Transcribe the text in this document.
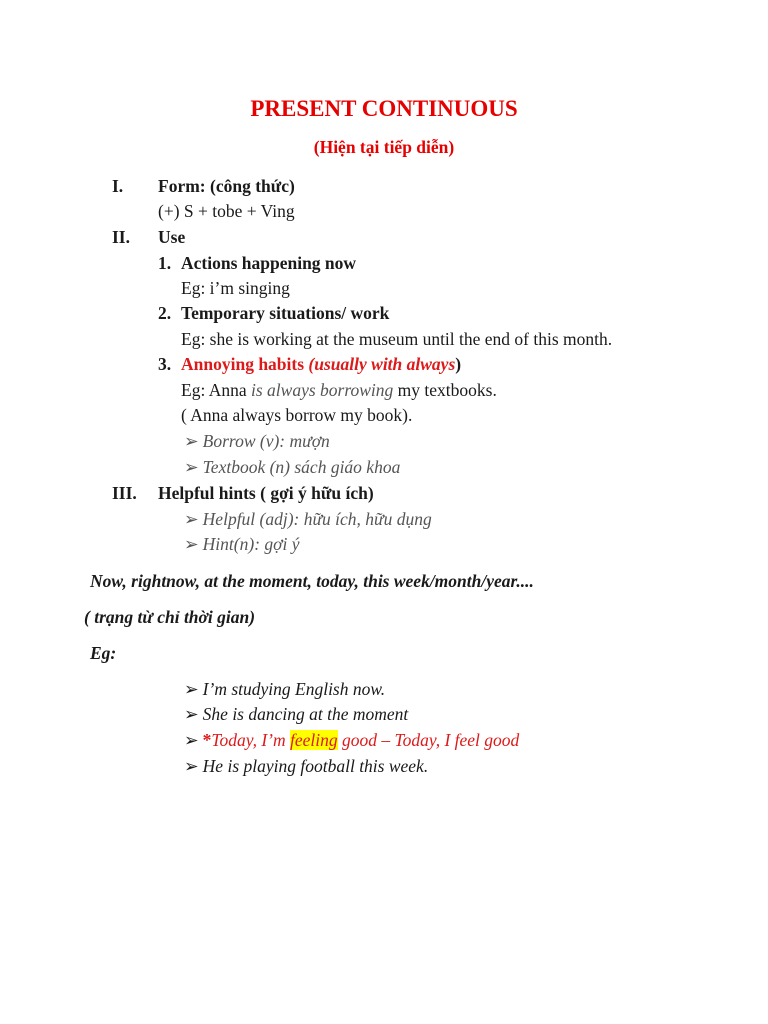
PRESENT CONTINUOUS
(Hiện tại tiếp diễn)
I. Form: (công thức)
(+) S + tobe + Ving
II. Use
1. Actions happening now
Eg: i’m singing
2. Temporary situations/ work
Eg: she is working at the museum until the end of this month.
3. Annoying habits (usually with always)
Eg: Anna is always borrowing my textbooks.
( Anna always borrow my book).
➢ Borrow (v): mượn
➢ Textbook (n) sách giáo khoa
III. Helpful hints ( gợi ý hữu ích)
➢ Helpful (adj): hữu ích, hữu dụng
➢ Hint(n): gợi ý
Now, rightnow, at the moment, today, this week/month/year....
( trạng từ chỉ thời gian)
Eg:
➢ I’m studying English now.
➢ She is dancing at the moment
➢ *Today, I’m feeling good – Today, I feel good
➢ He is playing football this week.
